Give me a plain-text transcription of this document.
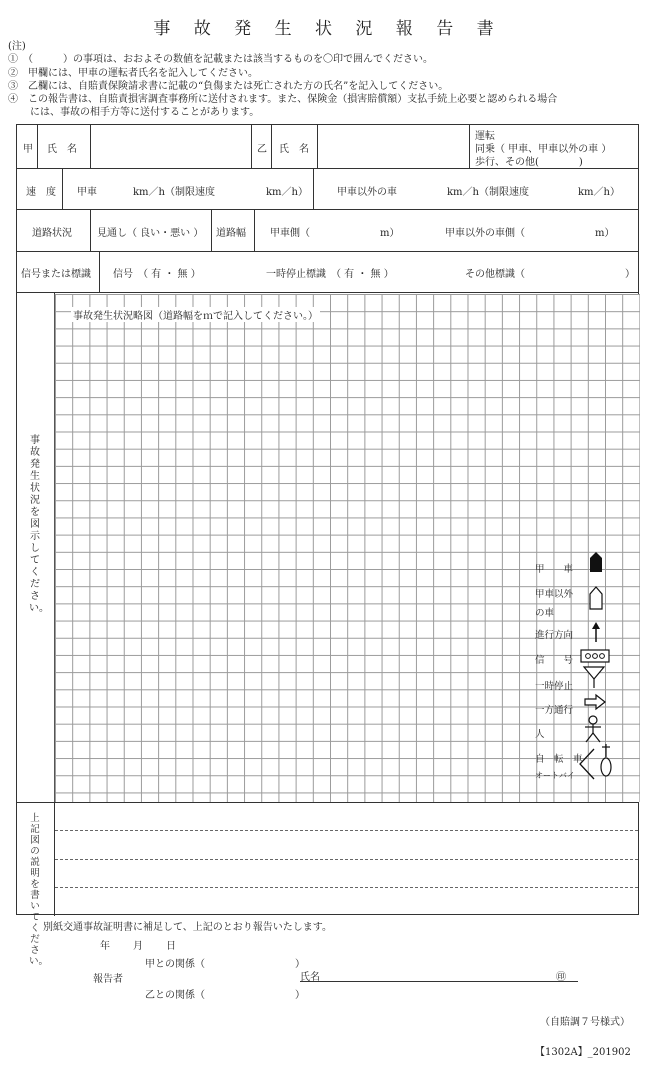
事 故 発 生 状 況 報 告 書
(注)
①　（　　　）の事項は、おおよその数値を記載または該当するものを〇印で囲んでください。
②　甲欄には、甲車の運転者氏名を記入してください。
③　乙欄には、自賠責保険請求書に記載の“負傷または死亡された方の氏名”を記入してください。
④　この報告書は、自賠責損害調査事務所に送付されます。また、保険金（損害賠償額）支払手続上必要と認められる場合
には、事故の相手方等に送付することがあります。
甲 氏　名	乙 氏　名
運転
同乗（ 甲車、甲車以外の車 ）
歩行、その他(　　　　)
速　度 甲車	km／h（制限速度	km／h）	甲車以外の車	km／h（制限速度	km／h）
道路状況	見通し（ 良い・悪い ） 道路幅 甲車側（　　　　　　　m）	甲車以外の車側（　　　　　　　m）
信号または標識 信号　（ 有 ・ 無 ）	一時停止標識　（ 有 ・ 無 ）	その他標識（　　　　　　　　　　）
事故発生状況略図（道路幅をｍで記入してください。）
事故発生状況を図示してください。
甲　　車
甲車以外
の車
進行方向
信　　号
一時停止
一方通行
人
自　転　車
オートバイ
上記図の説明を書いてください。
別紙交通事故証明書に補足して、上記のとおり報告いたします。
年　　月　　日
甲との関係（　　　　　　　　　）
報告者	氏名	㊞
乙との関係（　　　　　　　　　）
（自賠調７号様式）
【1302A】_201902
